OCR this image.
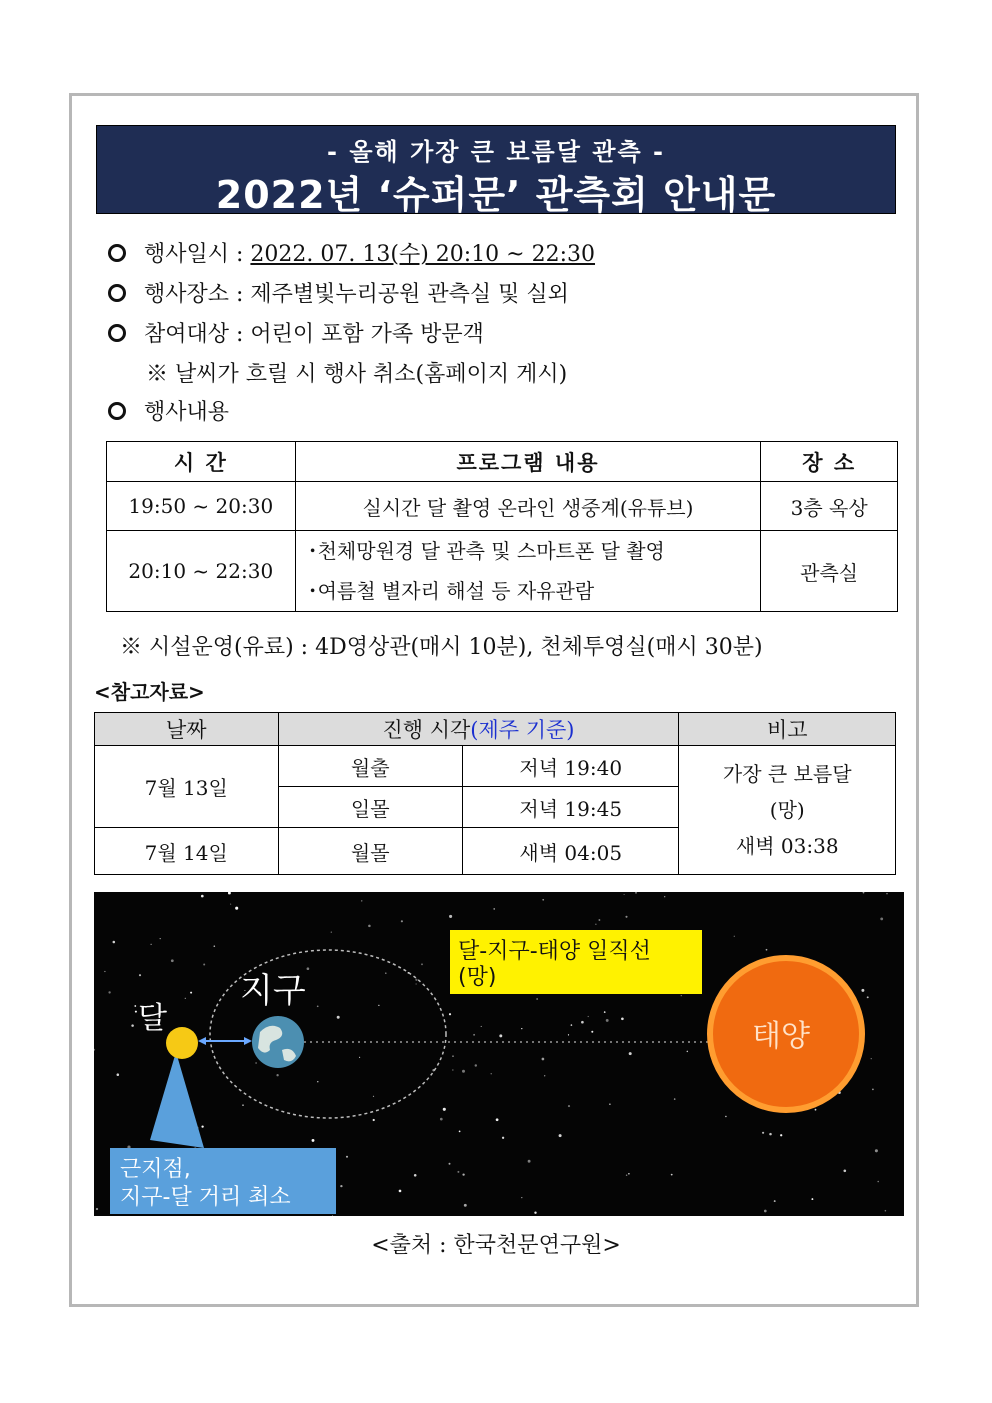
- 올해 가장 큰 보름달 관측 -
2022년 ‘슈퍼문’ 관측회 안내문
행사일시 : 2022. 07. 13(수) 20:10 ~ 22:30
행사장소 : 제주별빛누리공원 관측실 및 실외
참여대상 : 어린이 포함 가족 방문객
※ 날씨가 흐릴 시 행사 취소(홈페이지 게시)
행사내용
시 간	프로그램 내용	장 소
19:50 ~ 20:30	실시간 달 촬영 온라인 생중계(유튜브)	3층 옥상
20:10 ~ 22:30	･천체망원경 달 관측 및 스마트폰 달 촬영
･여름철 별자리 해설 등 자유관람	관측실
※ 시설운영(유료) : 4D영상관(매시 10분), 천체투영실(매시 30분)
<참고자료>
날짜	진행 시각(제주 기준)		비고
7월 13일	월출	저녁 19:40	가장 큰 보름달
(망)
새벽 03:38

	일몰	저녁 19:45	
7월 14일	월몰	새벽 04:05	
달
지구
태양
달-지구-태양 일직선
(망)
근지점,
지구-달 거리 최소
<출처 : 한국천문연구원>
